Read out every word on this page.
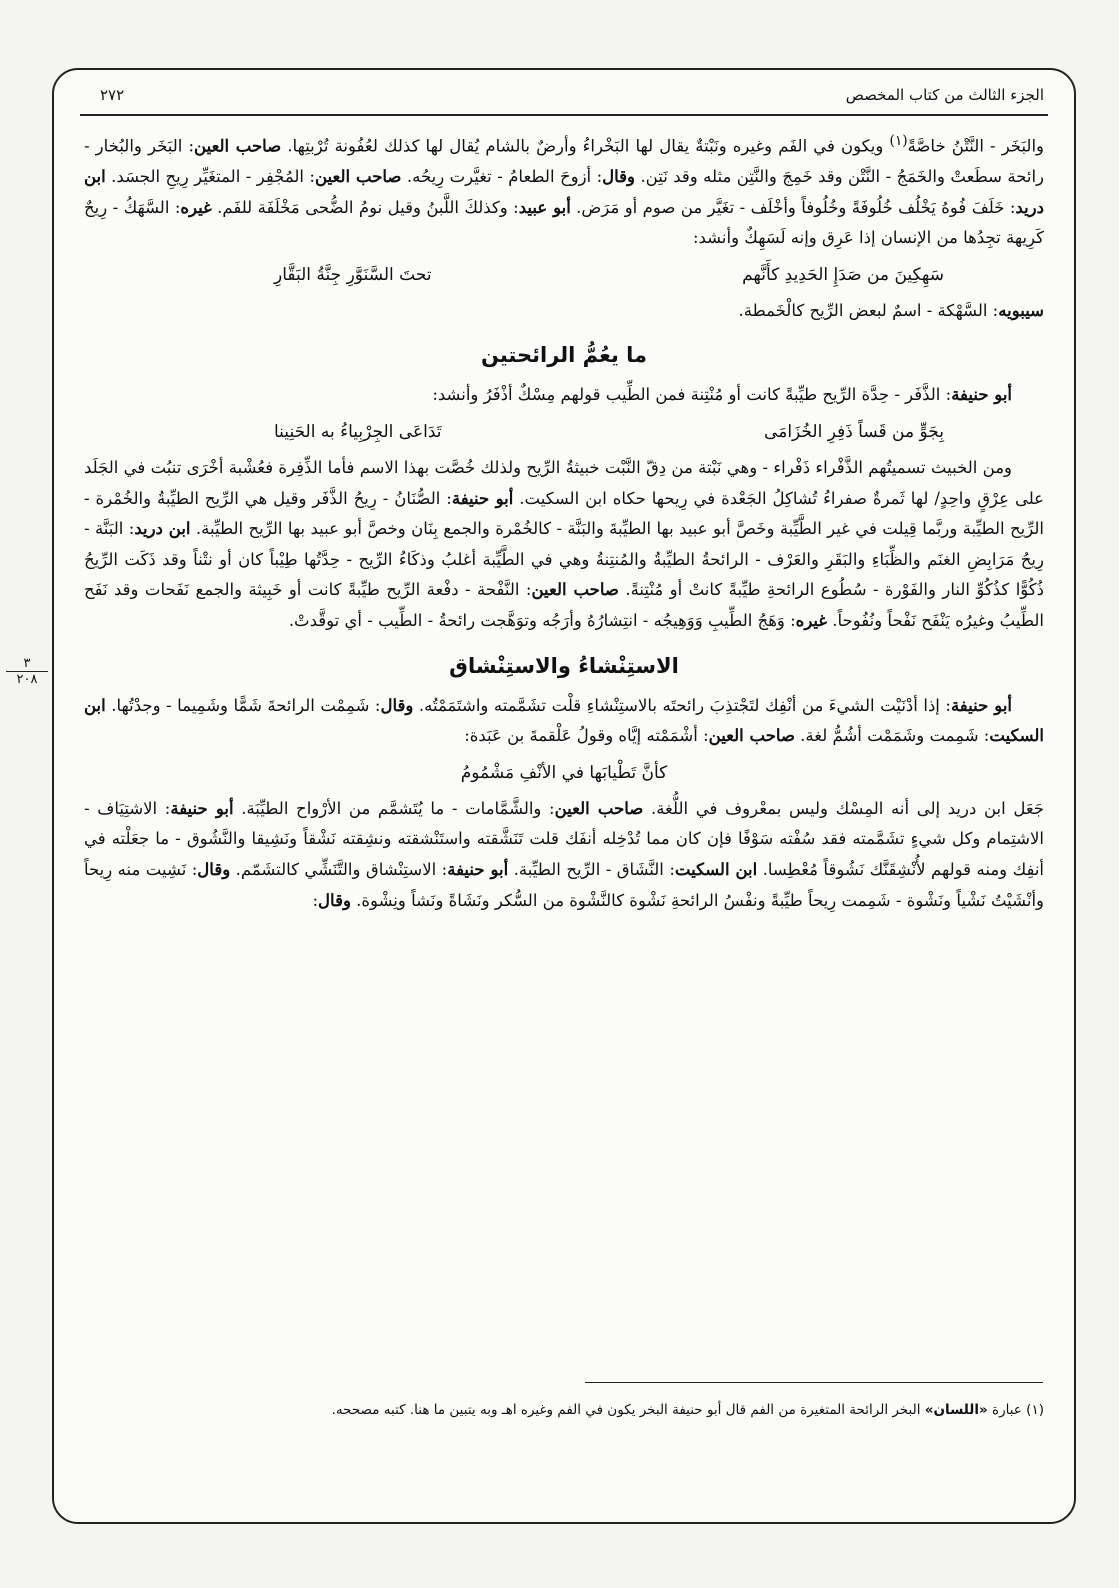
الجزء الثالث من كتاب المخصص
٢٧٢
٣
٢٠٨

والبَخَر - النَّتْنُ خاصَّةً$^{(١)}$ ويكون في الفَم وغيره ونَبْتةٌ يقال لها البَخْراءُ وأرضٌ بالشام يُقال لها كذلك لعُفُونة تُرْبتِها. صاحب العين: البَخَر والبُخار - رائحة سطَعتْ والخَمَجُ - النَّتْن وقد خَمِجَ والنَّتِن مثله وقد نَتِن. وقال: أزوحَ الطعامُ - تغيَّرت رِيحُه. صاحب العين: المُجْفِر - المتغَيِّر رِيحِ الجسَد. ابن دريد: خَلَفَ فُوهُ يَخْلُف خُلُوفَةً وخُلُوفاً وأخْلَف - تغَيَّر من صوم أو مَرَض. أبو عبيد: وكذلكَ اللَّبنُ وقيل نومُ الضُّحى مَخْلَفَة للفَم. غيره: السَّهَكُ - رِيحٌ كَرِيهة تجِدُها من الإنسان إذا عَرِق وإنه لَسَهِكٌ وأنشد:

سَهِكِينَ من صَدَإِ الحَدِيدِ كأَنَّهم
تحتَ السَّنَوَّرِ جِنَّةُ البَقَّارِ

سيبويه: السَّهْكة - اسمٌ لبعض الرِّيح كالْخَمطة.

ما يعُمُّ الرائحتين

أبو حنيفة: الذَّفَر - حِدَّة الرِّيح طيِّبةً كانت أو مُنْتِنة فمن الطِّيب قولهم مِسْكٌ أذْفَرُ وأنشد:

بِجَوٍّ من قَساً ذَفِرِ الخُزَامَى
تَدَاعَى الجِرْبِياءُ به الحَنِينا

ومن الخبيث تسميتُهم الذَّفْراء ذَفْراء - وهي نَبْتة من دِقّ النَّبْت خبيثةُ الرِّيح ولذلك خُصَّت بهذا الاسم فأما الذِّفِرة فعُشْبة أخْرَى تنبُت في الجَلَد على عِرْقٍ واحِدٍ/ لها ثَمرةٌ صفراءُ تُشاكِلُ الجَعْدة في رِيحها حكاه ابن السكيت. أبو حنيفة: الصُّنَانُ - رِيحُ الذَّفَر وقيل هي الرِّيح الطيِّبةُ والخُمْرة - الرِّيح الطيِّبة وربَّما قِيلت في غير الطَّيِّبة وخَصَّ أبو عبيد بها الطيِّبةَ والبَنَّة - كالخُمْرة والجمع بِنَان وخصَّ أبو عبيد بها الرِّيح الطيِّبة. ابن دريد: البَنَّة - رِيحُ مَرَابِضِ الغنَم والظِّبَاءِ والبَقَرِ والعَرْف - الرائحةُ الطيِّبةُ والمُنتِنةُ وهي في الطَّيِّبة أغلبُ وذكَاءُ الرِّيح - حِدَّتُها طِيْباً كان أو نتْناً وقد ذَكَت الرِّيحُ ذُكُوًّا كذُكُوِّ النار والفَوْرة - سُطُوع الرائحةِ طيِّبةً كانتْ أو مُنْتِنةً. صاحب العين: النَّفْحة - دفْعة الرِّيح طيِّبةً كانت أو خَبِيثة والجمع نَفَحات وقد نَفَح الطِّيبُ وغيرُه يَنْفَح نَفْحاً ونُفُوحاً. غيره: وَهَجُ الطِّيبِ وَوَهِيجُه - انتِشارُهُ وأرَجُه وتوَهَّجت رائحةُ - الطِّيب - أي توقَّدتْ.

الاستِنْشاءُ والاستِنْشاق

أبو حنيفة: إذا أدْنَيْت الشيءَ من أنْفِك لتَجْتذِبَ رائحتَه بالاستِنْشاءِ قلْت تشَمَّمته واشتَمَمْتُه. وقال: شَمِمْت الرائحةَ شَمًّا وشَمِيما - وجدْتُها. ابن السكيت: شَمِمت وشَمَمْت أشُمُّ لغة. صاحب العين: أشْمَمْته إيَّاه وقولُ عَلْقمةَ بن عَبَدة:

كأنَّ تَطْيابَها في الأنْفِ مَشْمُومُ

جَعَل ابن دريد إلى أنه المِسْك وليس بمعْروف في اللُّغة. صاحب العين: والشَّمَّامات - ما يُتَشمَّم من الأرْواح الطيِّبَة. أبو حنيفة: الاشتِيَاف - الاشتِمام وكل شيءٍ تشَمَّمته فقد سُفْته سَوْفًا فإن كان مما تُدْخِله أنفَك قلت تَنَشَّقته واستَنْشقته ونشِقته نَشْقاً ونَشِيقا والنَّشُوق - ما جعَلْته في أنفِك ومنه قولهم لأُنْشِقَنَّك نَشُوقاً مُعْطِسا. ابن السكيت: النَّشَاق - الرِّيح الطيِّبة. أبو حنيفة: الاستِنْشاق والتَّنَشِّي كالتشَمّم. وقال: نَشِيت منه رِيحاً وأنْشَيْتُ نَشْياً ونَشْوة - شَمِمت رِيحاً طيِّبةً ونفْسُ الرائحةِ نَشْوة كالنَّشْوة من السُّكر ونَشَاةً ونَشاً ونِشْوة. وقال:

(١) عبارة «اللسان» البخر الرائحة المتغيرة من الفم قال أبو حنيفة البخر يكون في الفم وغيره اهـ وبه يتبين ما هنا. كتبه مصححه.
